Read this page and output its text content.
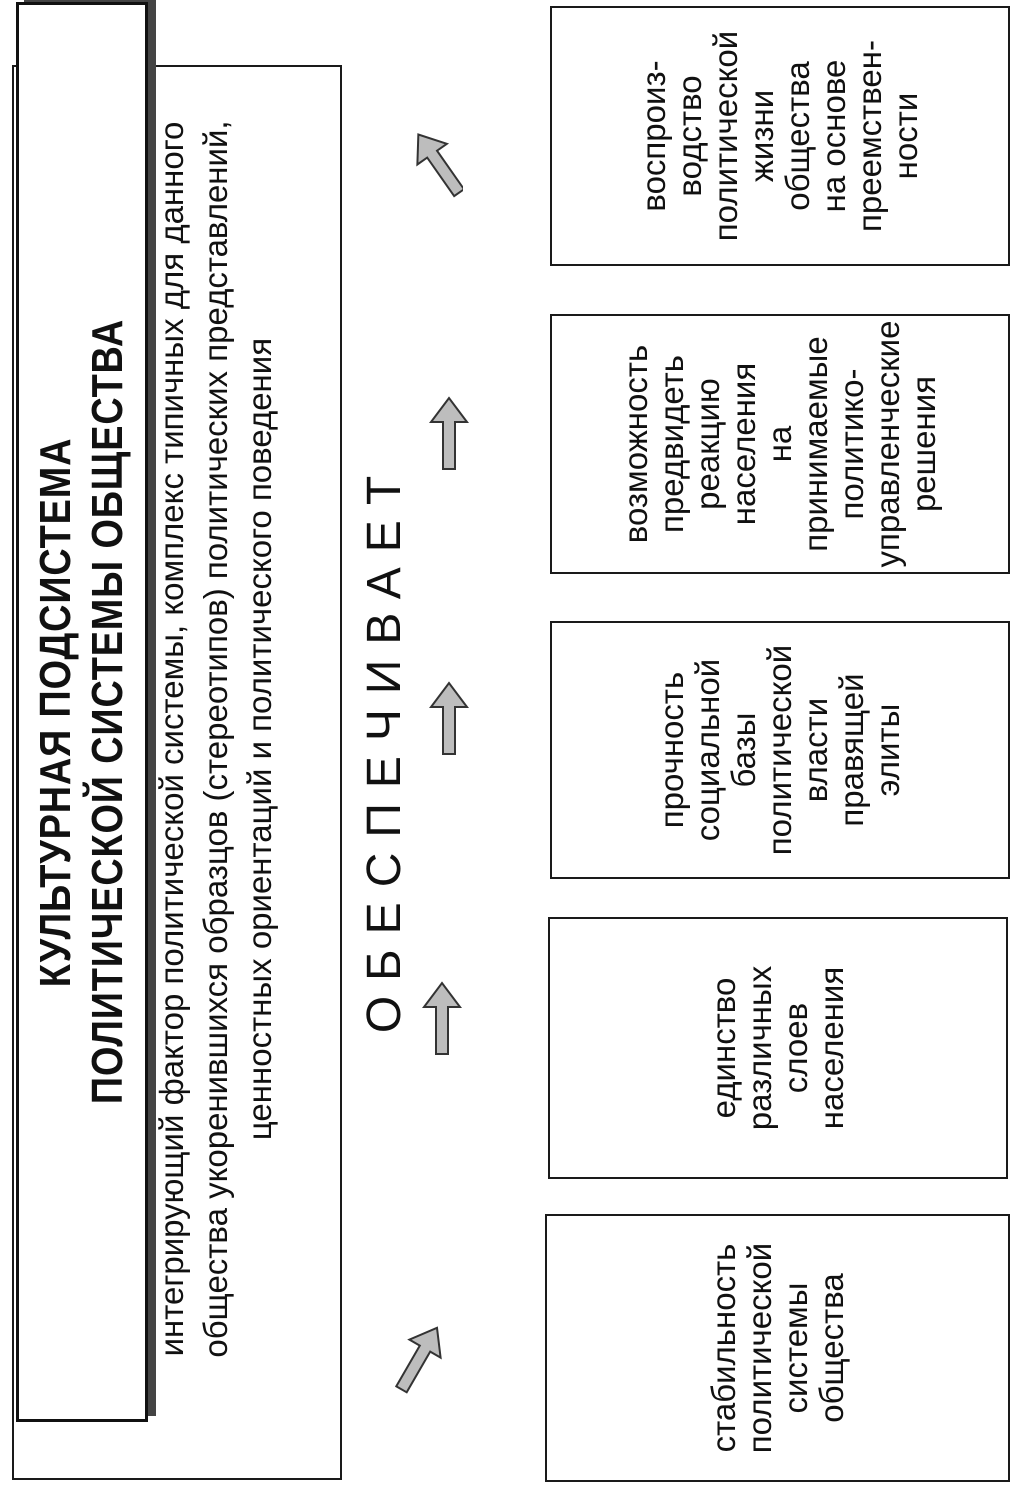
КУЛЬТУРНАЯ ПОДСИСТЕМА ПОЛИТИЧЕСКОЙ СИСТЕМЫ ОБЩЕСТВА интегрирующий фактор политической системы, комплекс типичных для данного общества укоренившихся образцов (стереотипов) политических представлений, ценностных ориентаций и политического поведения	ОБЕСПЕЧИВАЕТ
стабильность
политической
системы
общества
единство
различных
слоев
населения
прочность
социальной
базы
политической
власти
правящей
элиты
возможность
предвидеть
реакцию
населения
на
принимаемые
политико-
управленческие
решения
воспроиз-
водство
политической
жизни
общества
на основе
преемствен-
ности
